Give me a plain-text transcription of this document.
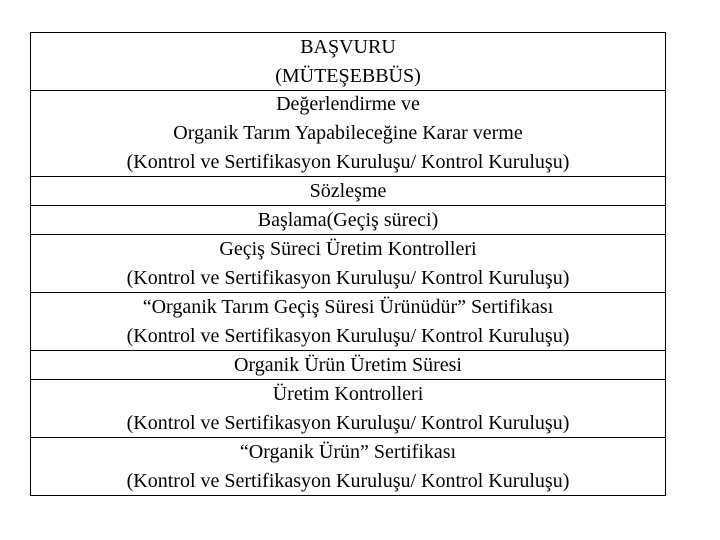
BAŞVURU
(MÜTEŞEBBÜS)
Değerlendirme ve
Organik Tarım Yapabileceğine Karar verme
(Kontrol ve Sertifikasyon Kuruluşu/ Kontrol Kuruluşu)
Sözleşme
Başlama(Geçiş süreci)
Geçiş Süreci Üretim Kontrolleri
(Kontrol ve Sertifikasyon Kuruluşu/ Kontrol Kuruluşu)
“Organik Tarım Geçiş Süresi Ürünüdür” Sertifikası
(Kontrol ve Sertifikasyon Kuruluşu/ Kontrol Kuruluşu)
Organik Ürün Üretim Süresi
Üretim Kontrolleri
(Kontrol ve Sertifikasyon Kuruluşu/ Kontrol Kuruluşu)
“Organik Ürün” Sertifikası
(Kontrol ve Sertifikasyon Kuruluşu/ Kontrol Kuruluşu)
